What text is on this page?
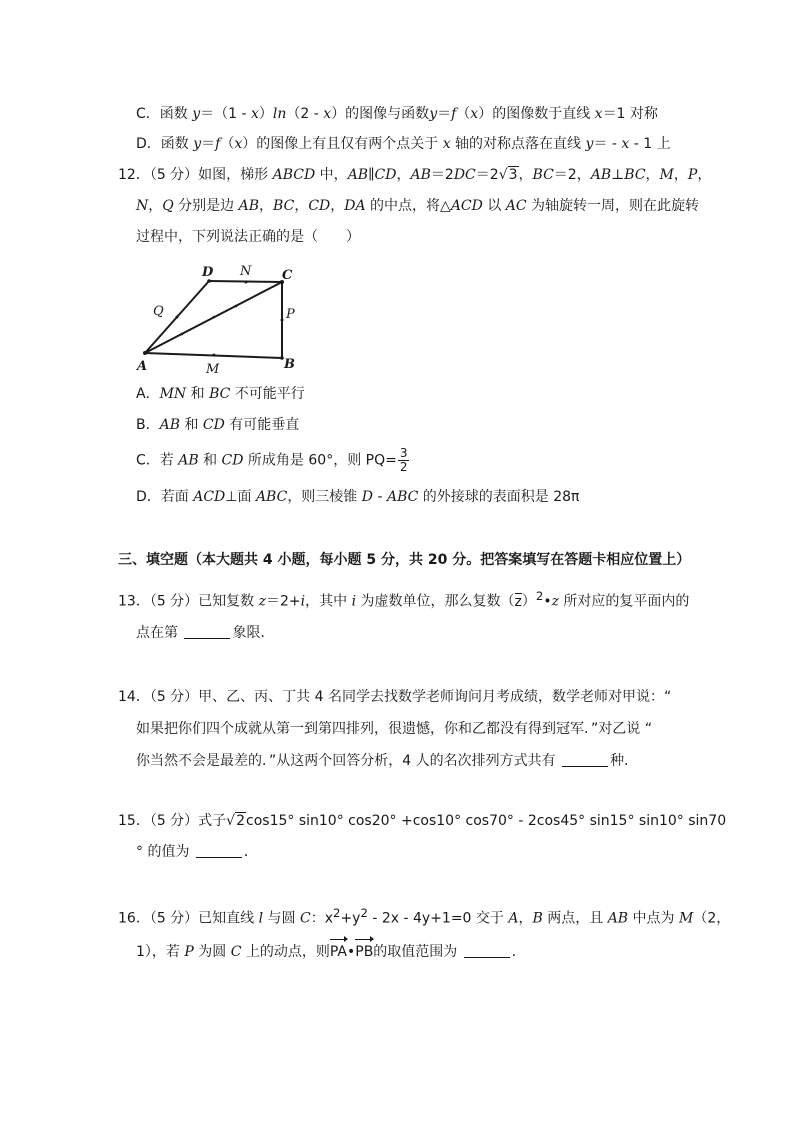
C．函数 y＝（1 - x）ln（2 - x）的图像与函数y＝f（x）的图像数于直线 x＝1 对称
D．函数 y＝f（x）的图像上有且仅有两个点关于 x 轴的对称点落在直线 y＝ - x - 1 上
12．（5 分）如图，梯形 ABCD 中，AB∥CD，AB＝2DC＝2√3，BC＝2，AB⊥BC，M，P，
N，Q 分别是边 AB，BC，CD，DA 的中点，将△ACD 以 AC 为轴旋转一周，则在此旋转
过程中，下列说法正确的是（　　）
A	B
C
D
M
N
P
Q
A．MN 和 BC 不可能平行
B．AB 和 CD 有可能垂直
C．若 AB 和 CD 所成角是 60°，则 $PQ= \frac{3}{2}$
D．若面 ACD⊥面 ABC，则三棱锥 D - ABC 的外接球的表面积是 28π
三、填空题（本大题共 4 小题，每小题 5 分，共 20 分。把答案填写在答题卡相应位置上）
13．（5 分）已知复数 z＝2+i，其中 i 为虚数单位，那么复数$(z)^2•z$ 所对应的复平面内的
点在第	象限．
14．（5 分）甲、乙、丙、丁共 4 名同学去找数学老师询问月考成绩，数学老师对甲说：“
如果把你们四个成就从第一到第四排列，很遗憾，你和乙都没有得到冠军．”对乙说 “
你当然不会是最差的．”从这两个回答分析，4 人的名次排列方式共有	种．
15．（5 分）式子√2cos15° sin10° cos20° +cos10° cos70° - 2cos45° sin15° sin10° sin70
° 的值为	．
16．（5 分）已知直线 l 与圆 C：$x^2+y^2 - 2x - 4y+1=0$ 交于 A，B 两点，且 AB 中点为 M（2，
1），若 P 为圆 C 上的动点，则PA•PB的取值范围为	．
